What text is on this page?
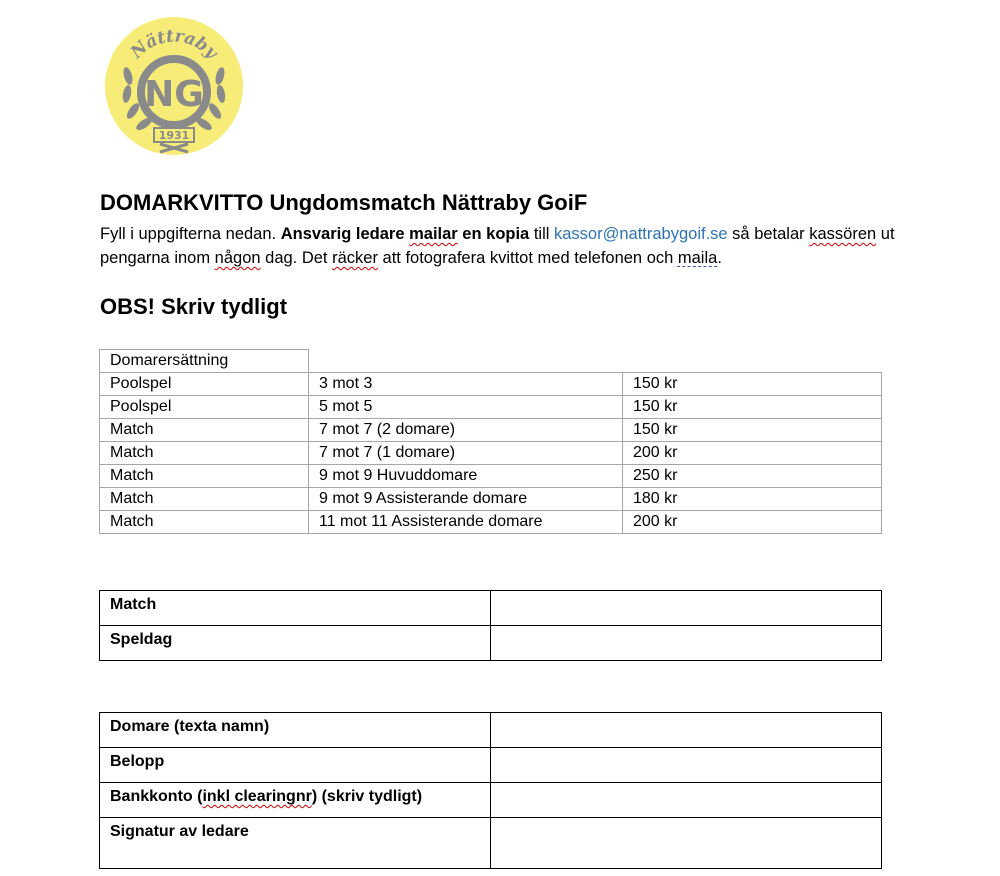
Nättraby
NG
1931
DOMARKVITTO Ungdomsmatch Nättraby GoiF

Fyll i uppgifterna nedan. Ansvarig ledare mailar en kopia till kassor@nattrabygoif.se så betalar kassören ut pengarna inom någon dag. Det räcker att fotografera kvittot med telefonen och maila.

OBS! Skriv tydligt
Domarersättning		
Poolspel	3 mot 3	150 kr
Poolspel	5 mot 5	150 kr
Match	7 mot 7 (2 domare)	150 kr
Match	7 mot 7 (1 domare)	200 kr
Match	9 mot 9 Huvuddomare	250 kr
Match	9 mot 9 Assisterande domare	180 kr
Match	11 mot 11 Assisterande domare	200 kr
Match	
Speldag	
Domare (texta namn)	
Belopp	
Bankkonto (inkl clearingnr) (skriv tydligt)	
Signatur av ledare	
